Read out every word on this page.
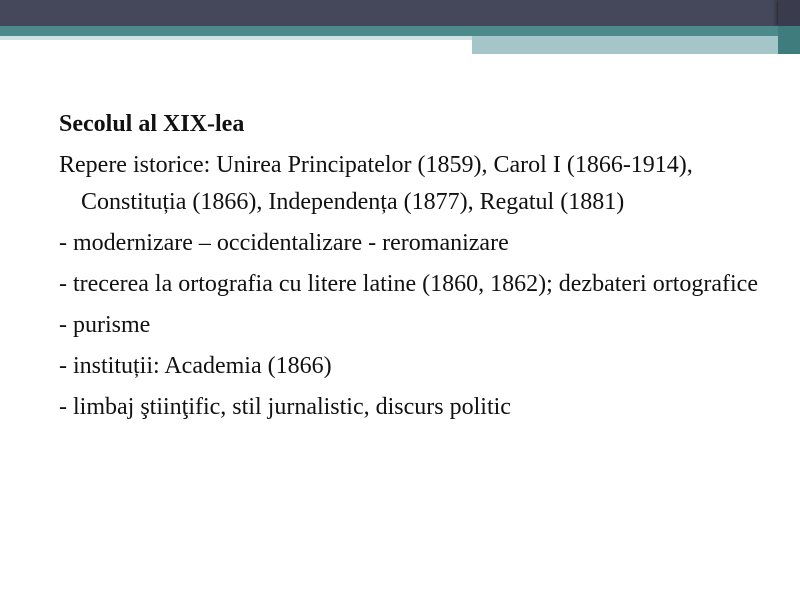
Secolul al XIX-lea
Repere istorice: Unirea Principatelor (1859), Carol I (1866-1914), Constituția (1866), Independența (1877), Regatul (1881)
- modernizare – occidentalizare - reromanizare
- trecerea la ortografia cu litere latine (1860, 1862); dezbateri ortografice
- purisme
- instituții: Academia (1866)
- limbaj ştiinţific, stil jurnalistic, discurs politic
